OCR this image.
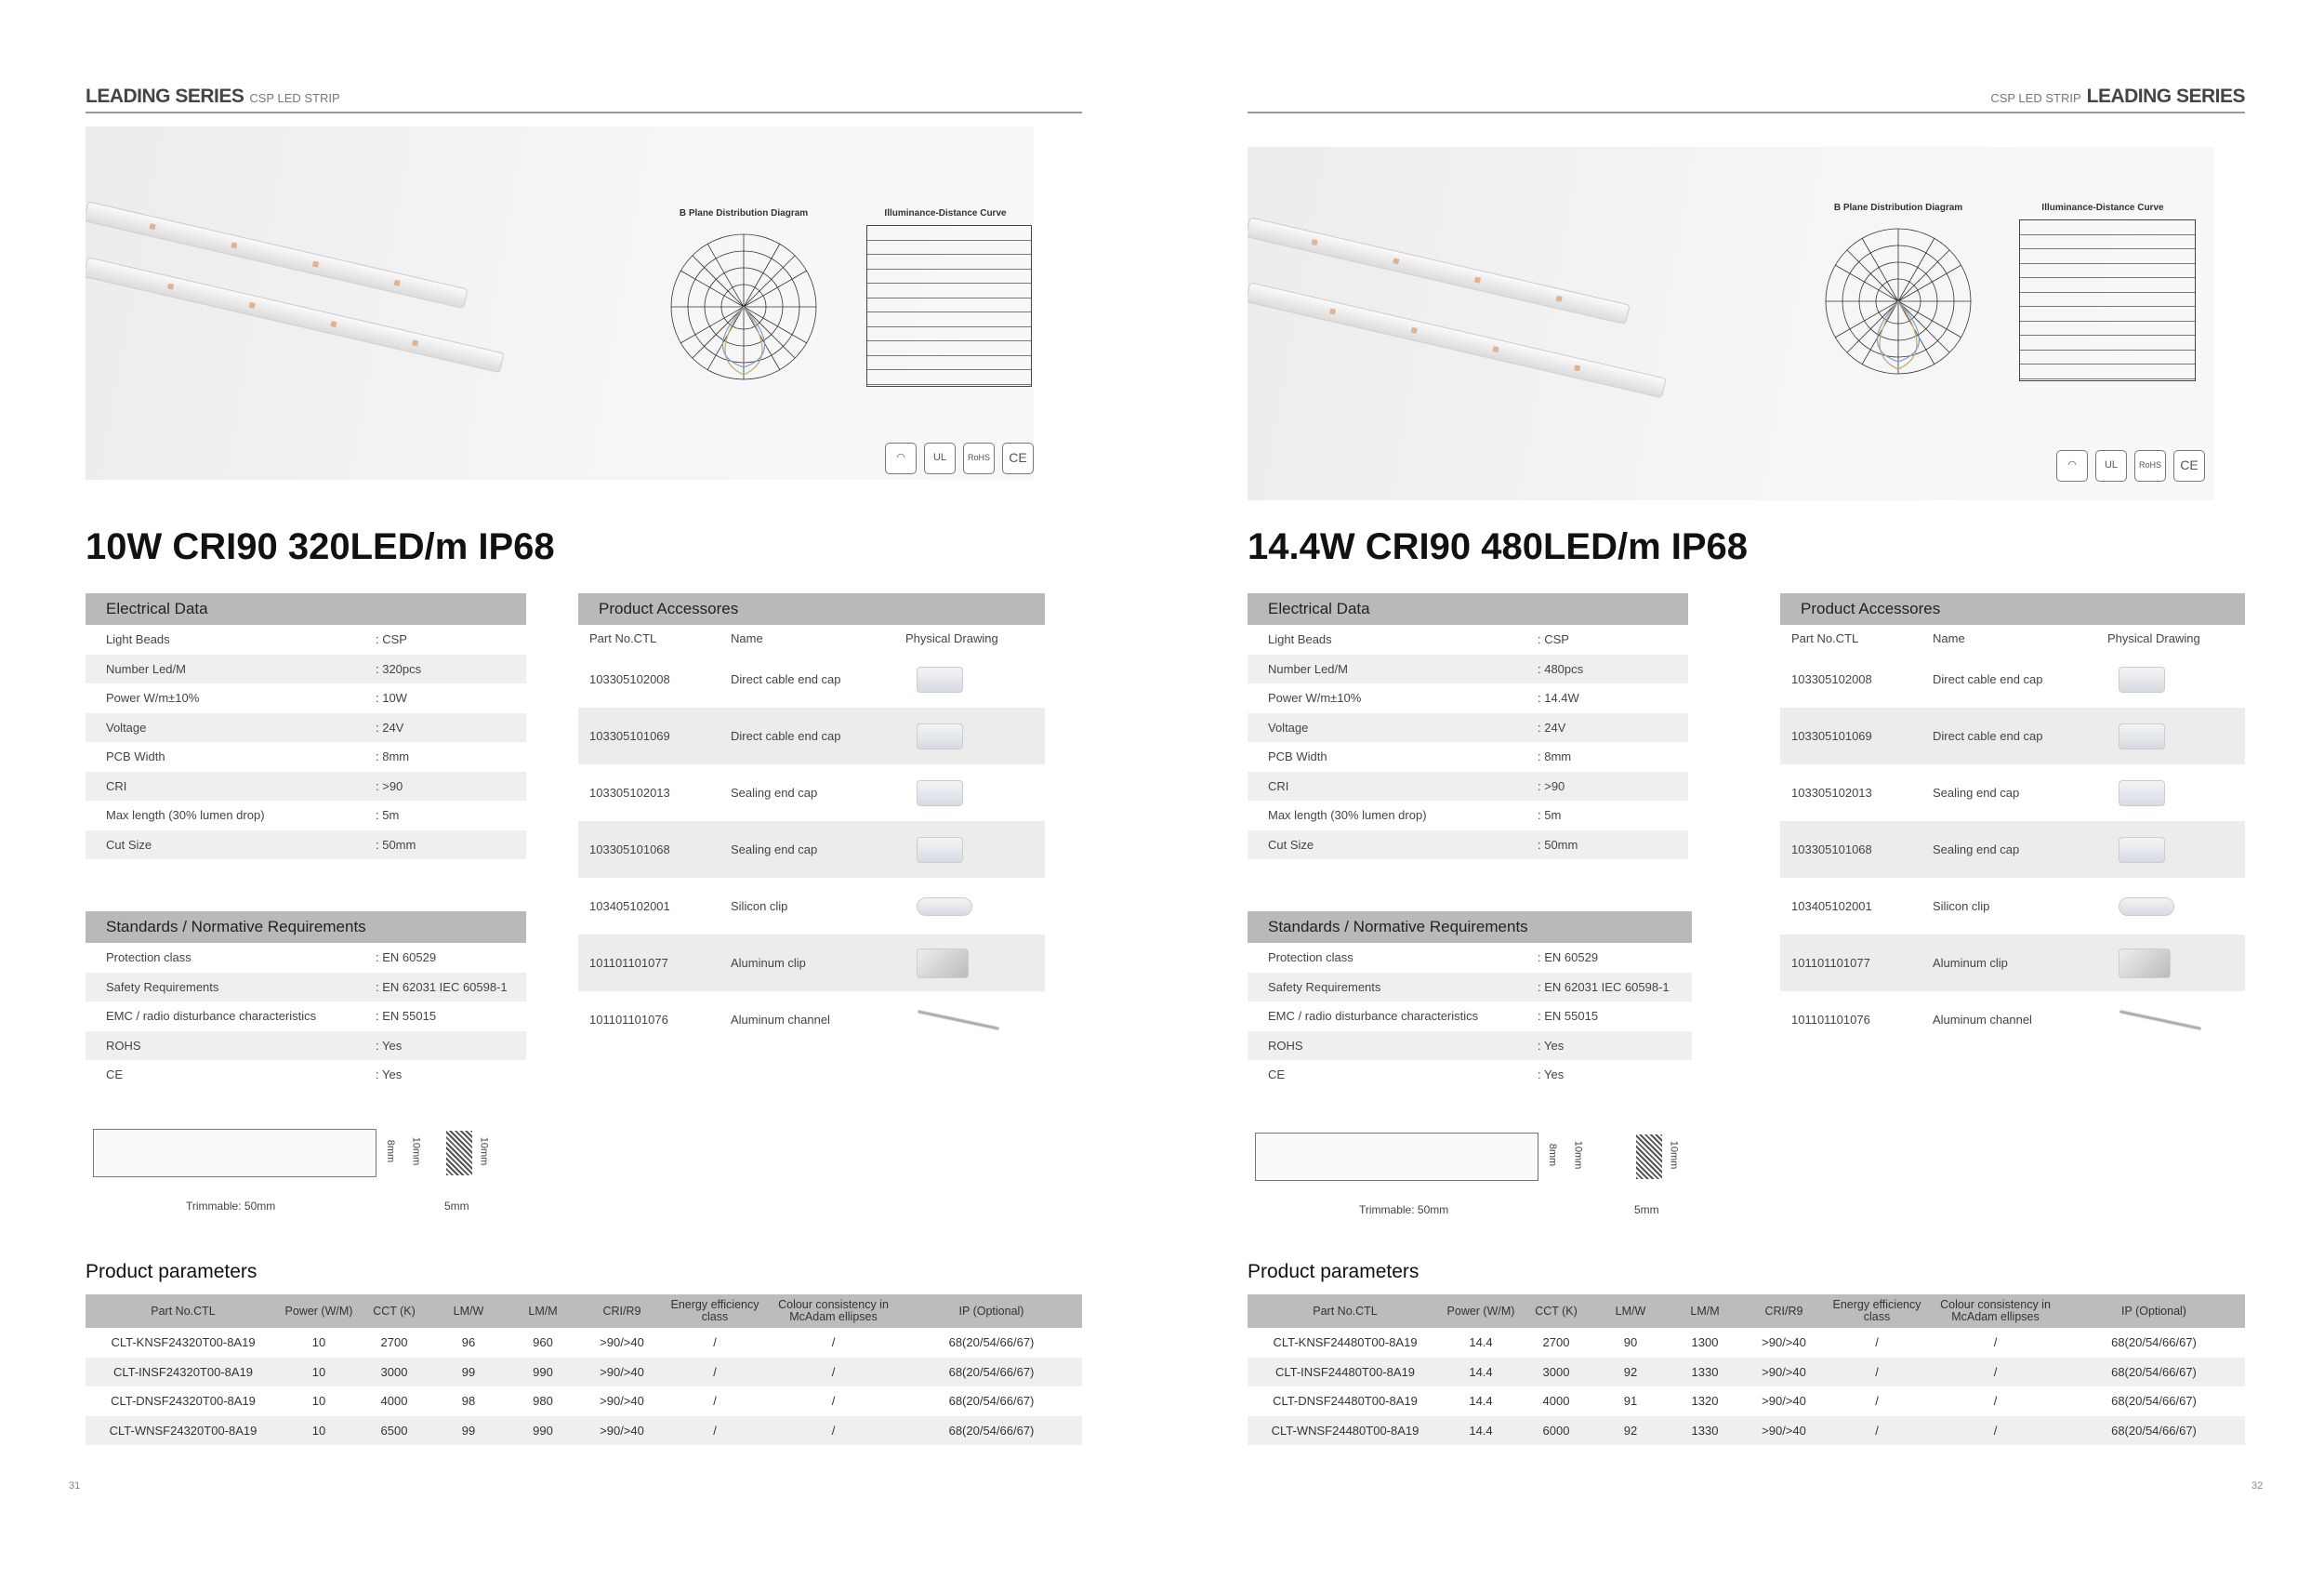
LEADING SERIES CSP LED STRIP
B Plane Distribution Diagram	Illuminance-Distance Curve
◠	UL	RoHS	CE
10W CRI90 320LED/m IP68
Electrical Data
Light Beads	: CSP
Number Led/M	: 320pcs
Power W/m±10%	: 10W
Voltage	: 24V
PCB Width	: 8mm
CRI	: >90
Max length (30% lumen drop)	: 5m
Cut Size	: 50mm
Standards / Normative Requirements
Protection class	: EN 60529
Safety Requirements	: EN 62031 IEC 60598-1
EMC / radio disturbance characteristics	: EN 55015
ROHS	: Yes
CE	: Yes
Product Accessores
Part No.CTL	Name	Physical Drawing
103305102008	Direct cable end cap
103305101069	Direct cable end cap
103305102013	Sealing end cap
103305101068	Sealing end cap
103405102001	Silicon clip
101101101077	Aluminum clip
101101101076	Aluminum channel
8mm 10mm	10mm
Trimmable: 50mm	5mm
Product parameters
Part No.CTL	Power (W/M)	CCT (K)	LM/W	LM/M	CRI/R9	Energy efficiency class	Colour consistency in McAdam ellipses	IP (Optional)
CLT-KNSF24320T00-8A19	10	2700	96	960	>90/>40	/	/	68(20/54/66/67)
CLT-INSF24320T00-8A19	10	3000	99	990	>90/>40	/	/	68(20/54/66/67)
CLT-DNSF24320T00-8A19	10	4000	98	980	>90/>40	/	/	68(20/54/66/67)
CLT-WNSF24320T00-8A19	10	6500	99	990	>90/>40	/	/	68(20/54/66/67)
31
CSP LED STRIP LEADING SERIES
B Plane Distribution Diagram	Illuminance-Distance Curve
◠	UL	RoHS	CE
14.4W CRI90 480LED/m IP68
Electrical Data
Light Beads	: CSP
Number Led/M	: 480pcs
Power W/m±10%	: 14.4W
Voltage	: 24V
PCB Width	: 8mm
CRI	: >90
Max length (30% lumen drop)	: 5m
Cut Size	: 50mm
Standards / Normative Requirements
Protection class	: EN 60529
Safety Requirements	: EN 62031 IEC 60598-1
EMC / radio disturbance characteristics	: EN 55015
ROHS	: Yes
CE	: Yes
Product Accessores
Part No.CTL	Name	Physical Drawing
103305102008	Direct cable end cap
103305101069	Direct cable end cap
103305102013	Sealing end cap
103305101068	Sealing end cap
103405102001	Silicon clip
101101101077	Aluminum clip
101101101076	Aluminum channel
8mm 10mm	10mm
Trimmable: 50mm	5mm
Product parameters
Part No.CTL	Power (W/M)	CCT (K)	LM/W	LM/M	CRI/R9	Energy efficiency class	Colour consistency in McAdam ellipses	IP (Optional)
CLT-KNSF24480T00-8A19	14.4	2700	90	1300	>90/>40	/	/	68(20/54/66/67)
CLT-INSF24480T00-8A19	14.4	3000	92	1330	>90/>40	/	/	68(20/54/66/67)
CLT-DNSF24480T00-8A19	14.4	4000	91	1320	>90/>40	/	/	68(20/54/66/67)
CLT-WNSF24480T00-8A19	14.4	6000	92	1330	>90/>40	/	/	68(20/54/66/67)
32
